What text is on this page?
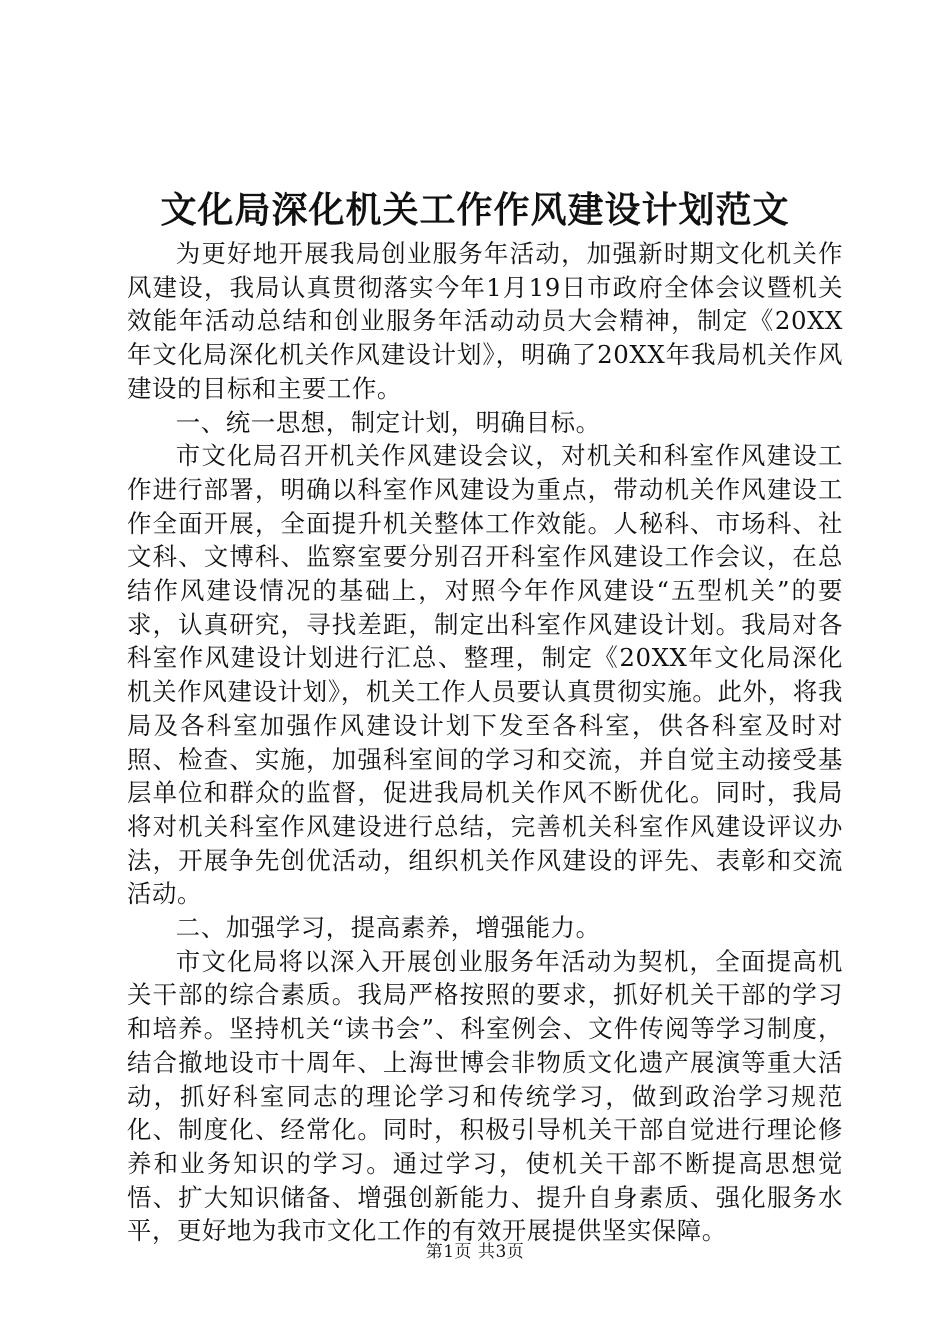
文化局深化机关工作作风建设计划范文

为更好地开展我局创业服务年活动，加强新时期文化机关作风建设，我局认真贯彻落实今年1月19日市政府全体会议暨机关效能年活动总结和创业服务年活动动员大会精神，制定《20XX年文化局深化机关作风建设计划》，明确了20XX年我局机关作风建设的目标和主要工作。

一、统一思想，制定计划，明确目标。

市文化局召开机关作风建设会议，对机关和科室作风建设工作进行部署，明确以科室作风建设为重点，带动机关作风建设工作全面开展，全面提升机关整体工作效能。人秘科、市场科、社文科、文博科、监察室要分别召开科室作风建设工作会议，在总结作风建设情况的基础上，对照今年作风建设“五型机关”的要求，认真研究，寻找差距，制定出科室作风建设计划。我局对各科室作风建设计划进行汇总、整理，制定《20XX年文化局深化机关作风建设计划》，机关工作人员要认真贯彻实施。此外，将我局及各科室加强作风建设计划下发至各科室，供各科室及时对照、检查、实施，加强科室间的学习和交流，并自觉主动接受基层单位和群众的监督，促进我局机关作风不断优化。同时，我局将对机关科室作风建设进行总结，完善机关科室作风建设评议办法，开展争先创优活动，组织机关作风建设的评先、表彰和交流活动。

二、加强学习，提高素养，增强能力。

市文化局将以深入开展创业服务年活动为契机，全面提高机关干部的综合素质。我局严格按照的要求，抓好机关干部的学习和培养。坚持机关“读书会”、科室例会、文件传阅等学习制度，结合撤地设市十周年、上海世博会非物质文化遗产展演等重大活动，抓好科室同志的理论学习和传统学习，做到政治学习规范化、制度化、经常化。同时，积极引导机关干部自觉进行理论修养和业务知识的学习。通过学习，使机关干部不断提高思想觉悟、扩大知识储备、增强创新能力、提升自身素质、强化服务水平，更好地为我市文化工作的有效开展提供坚实保障。

第1页 共3页
